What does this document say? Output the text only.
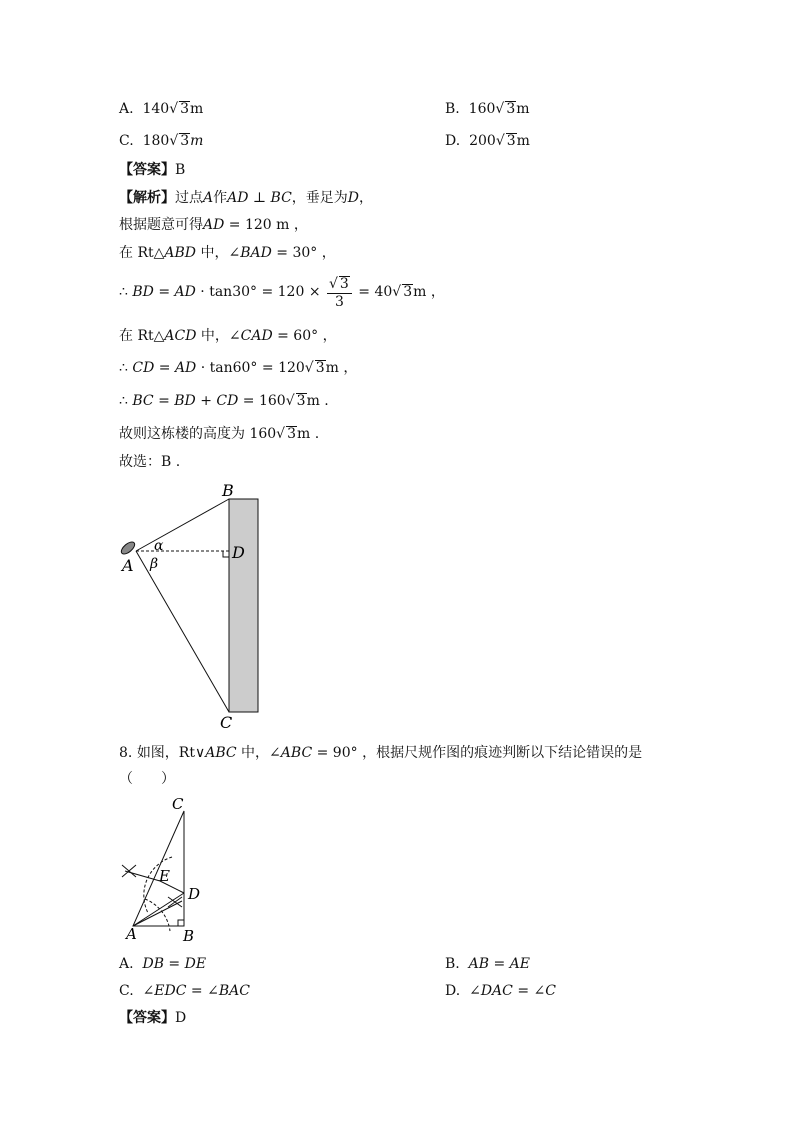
A. 140√ 3m	B. 160√ 3m
C. 180√ 3m	D. 200√ 3m
【答案】B
【解析】过点A作AD ⊥ BC，垂足为D，
根据题意可得AD = 120 m ，
在 Rt△ABD 中，∠BAD = 30° ，
∴ BD = AD · $\tan 30^\circ = 120 \times \frac{√ 3}{3} = 40√$ 3m ，
在 Rt△ACD 中，∠CAD = 60° ，
∴ CD = AD · tan60° = 120√ 3m ，
∴ BC = BD + CD = 160√ 3m .
故则这栋楼的高度为 160√ 3m .
故选：B .
B
D
A
C
α
β
8. 如图，Rt∨ABC 中，∠ABC = 90° ，根据尺规作图的痕迹判断以下结论错误的是
（　　）
C
E
D
A	B
A. DB = DE	B. AB = AE
C. ∠EDC = ∠BAC	D. ∠DAC = ∠C
【答案】D
